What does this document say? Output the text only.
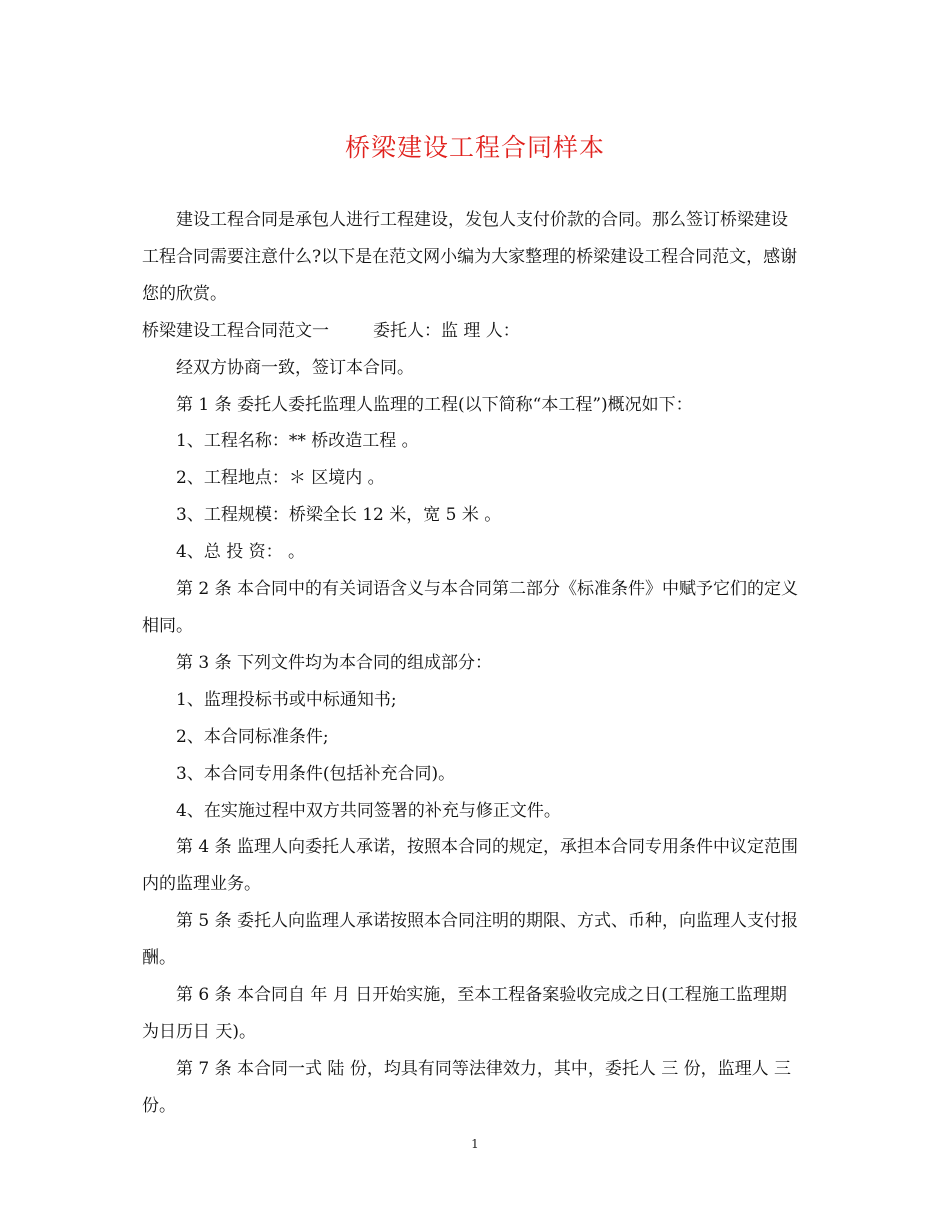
桥梁建设工程合同样本

建设工程合同是承包人进行工程建设，发包人支付价款的合同。那么签订桥梁建设工程合同需要注意什么?以下是在范文网小编为大家整理的桥梁建设工程合同范文，感谢您的欣赏。

桥梁建设工程合同范文一	委托人：监 理 人：

经双方协商一致，签订本合同。

第 1 条 委托人委托监理人监理的工程(以下简称“本工程”)概况如下：

1、工程名称：** 桥改造工程 。

2、工程地点：＊ 区境内 。

3、工程规模：桥梁全长 12 米，宽 5 米 。

4、总 投 资： 。

第 2 条 本合同中的有关词语含义与本合同第二部分《标准条件》中赋予它们的定义相同。

第 3 条 下列文件均为本合同的组成部分：

1、监理投标书或中标通知书;

2、本合同标准条件;

3、本合同专用条件(包括补充合同)。

4、在实施过程中双方共同签署的补充与修正文件。

第 4 条 监理人向委托人承诺，按照本合同的规定，承担本合同专用条件中议定范围内的监理业务。

第 5 条 委托人向监理人承诺按照本合同注明的期限、方式、币种，向监理人支付报酬。

第 6 条 本合同自 年 月 日开始实施，至本工程备案验收完成之日(工程施工监理期为日历日 天)。

第 7 条 本合同一式 陆 份，均具有同等法律效力，其中，委托人 三 份，监理人 三 份。

1
